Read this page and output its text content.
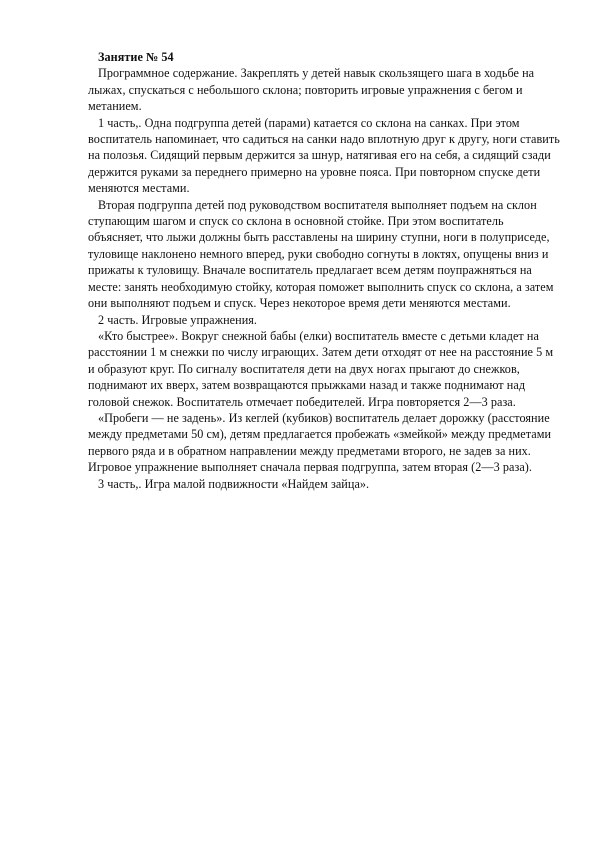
Занятие № 54

Программное содержание. Закреплять у детей навык скользящего шага в ходьбе на лыжах, спускаться с небольшого склона; повторить игровые упражнения с бегом и метанием.

1 часть,. Одна подгруппа детей (парами) катается со склона на санках. При этом воспитатель напоминает, что садиться на санки надо вплотную друг к другу, ноги ставить на полозья. Сидящий первым держится за шнур, натягивая его на себя, а сидящий сзади держится руками за переднего примерно на уровне пояса. При повторном спуске дети меняются местами.

Вторая подгруппа детей под руководством воспитателя выполняет подъем на склон ступающим шагом и спуск со склона в основной стойке. При этом воспитатель объясняет, что лыжи должны быть расставлены на ширину ступни, ноги в полуприседе, туловище наклонено немного вперед, руки свободно согнуты в локтях, опущены вниз и прижаты к туловищу. Вначале воспитатель предлагает всем детям поупражняться на месте: занять необходимую стойку, которая поможет выполнить спуск со склона, а затем они выполняют подъем и спуск. Через некоторое время дети меняются местами.

2 часть. Игровые упражнения.

«Кто быстрее». Вокруг снежной бабы (елки) воспитатель вместе с детьми кладет на расстоянии 1 м снежки по числу играющих. Затем дети отходят от нее на расстояние 5 м и образуют круг. По сигналу воспитателя дети на двух ногах прыгают до снежков, поднимают их вверх, затем возвращаются прыжками назад и также поднимают над головой снежок. Воспитатель отмечает победителей. Игра повторяется 2—3 раза.

«Пробеги — не задень». Из кеглей (кубиков) воспитатель делает дорожку (расстояние между предметами 50 см), детям предлагается пробежать «змейкой» между предметами первого ряда и в обратном направлении между предметами второго, не задев за них. Игровое упражнение выполняет сначала первая подгруппа, затем вторая (2—3 раза).

3 часть,. Игра малой подвижности «Найдем зайца».
